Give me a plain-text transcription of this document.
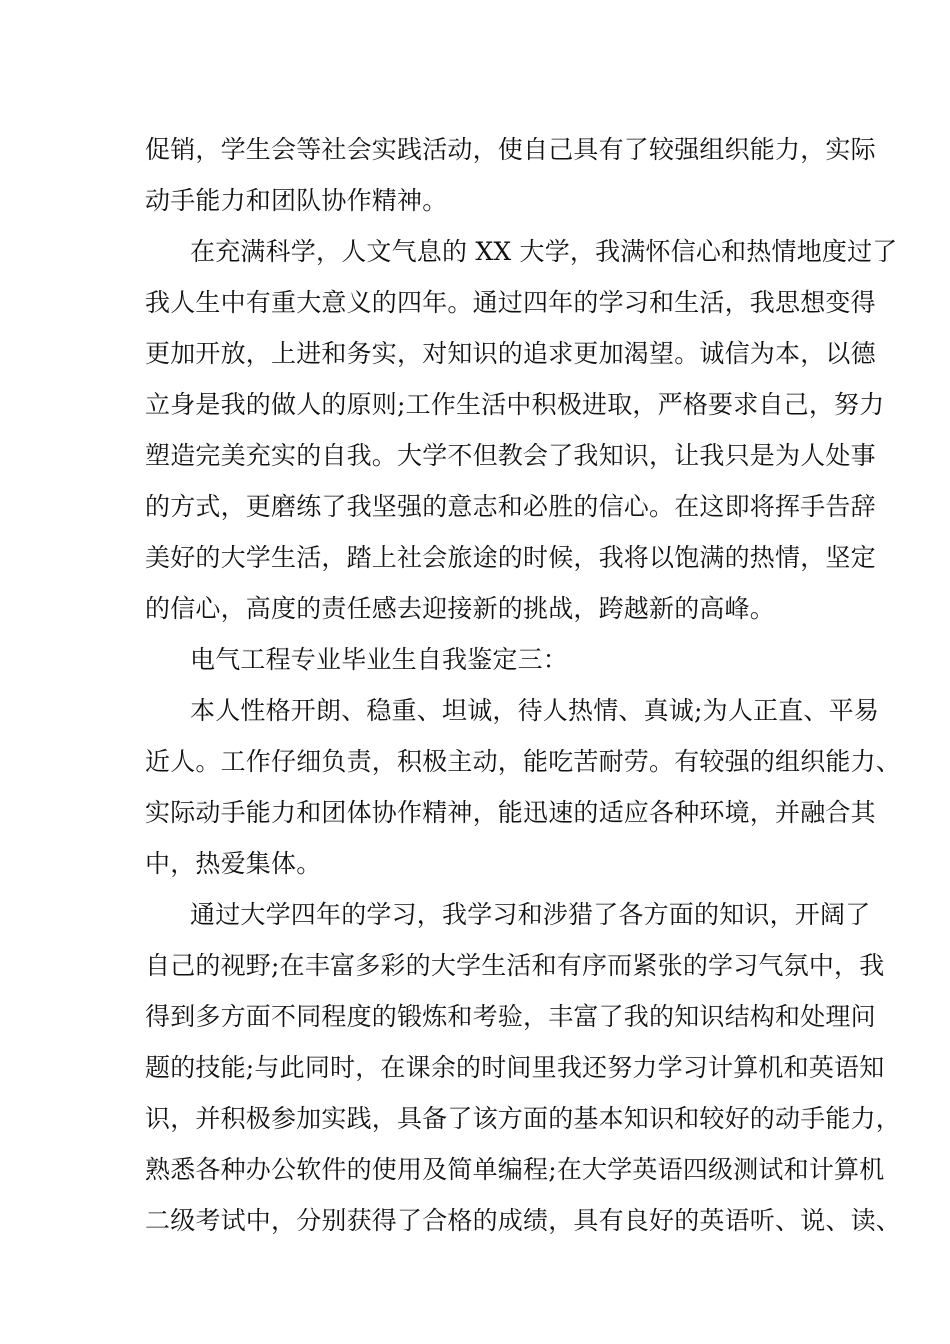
促销，学生会等社会实践活动，使自己具有了较强组织能力，实际
动手能力和团队协作精神。
在充满科学，人文气息的 XX 大学，我满怀信心和热情地度过了
我人生中有重大意义的四年。通过四年的学习和生活，我思想变得
更加开放，上进和务实，对知识的追求更加渴望。诚信为本，以德
立身是我的做人的原则;工作生活中积极进取，严格要求自己，努力
塑造完美充实的自我。大学不但教会了我知识，让我只是为人处事
的方式，更磨练了我坚强的意志和必胜的信心。在这即将挥手告辞
美好的大学生活，踏上社会旅途的时候，我将以饱满的热情，坚定
的信心，高度的责任感去迎接新的挑战，跨越新的高峰。
电气工程专业毕业生自我鉴定三：
本人性格开朗、稳重、坦诚，待人热情、真诚;为人正直、平易
近人。工作仔细负责，积极主动，能吃苦耐劳。有较强的组织能力、
实际动手能力和团体协作精神，能迅速的适应各种环境，并融合其
中，热爱集体。
通过大学四年的学习，我学习和涉猎了各方面的知识，开阔了
自己的视野;在丰富多彩的大学生活和有序而紧张的学习气氛中，我
得到多方面不同程度的锻炼和考验，丰富了我的知识结构和处理问
题的技能;与此同时，在课余的时间里我还努力学习计算机和英语知
识，并积极参加实践，具备了该方面的基本知识和较好的动手能力，
熟悉各种办公软件的使用及简单编程;在大学英语四级测试和计算机
二级考试中，分别获得了合格的成绩，具有良好的英语听、说、读、
